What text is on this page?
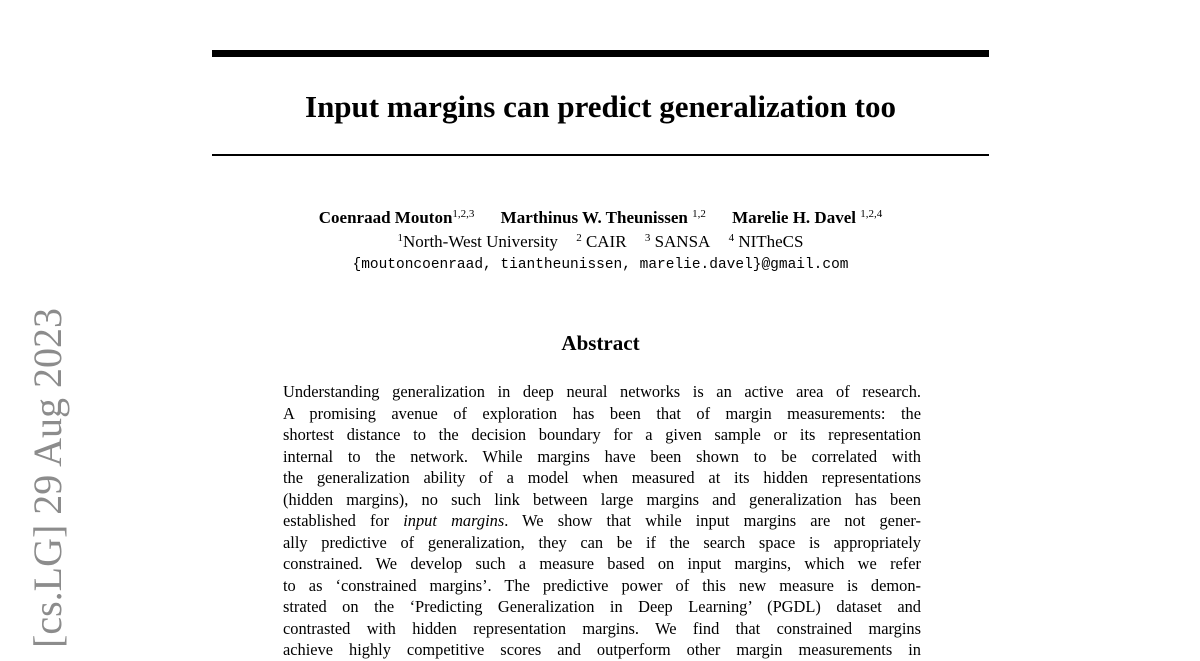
Input margins can predict generalization too
Coenraad Mouton$^{1,2,3}$ Marthinus W. Theunissen $^{1,2}$ Marelie H. Davel $^{1,2,4}$
$^1$North-West University $^2$ CAIR $^3$ SANSA $^4$ NITheCS
{moutoncoenraad, tiantheunissen, marelie.davel}@gmail.com
Abstract
Understanding generalization in deep neural networks is an active area of research.
A promising avenue of exploration has been that of margin measurements: the
shortest distance to the decision boundary for a given sample or its representation
internal to the network. While margins have been shown to be correlated with
the generalization ability of a model when measured at its hidden representations
(hidden margins), no such link between large margins and generalization has been
established for input margins. We show that while input margins are not gener-
ally predictive of generalization, they can be if the search space is appropriately
constrained. We develop such a measure based on input margins, which we refer
to as ‘constrained margins’. The predictive power of this new measure is demon-
strated on the ‘Predicting Generalization in Deep Learning’ (PGDL) dataset and
contrasted with hidden representation margins. We find that constrained margins
achieve highly competitive scores and outperform other margin measurements in
[cs.LG] 29 Aug 2023
